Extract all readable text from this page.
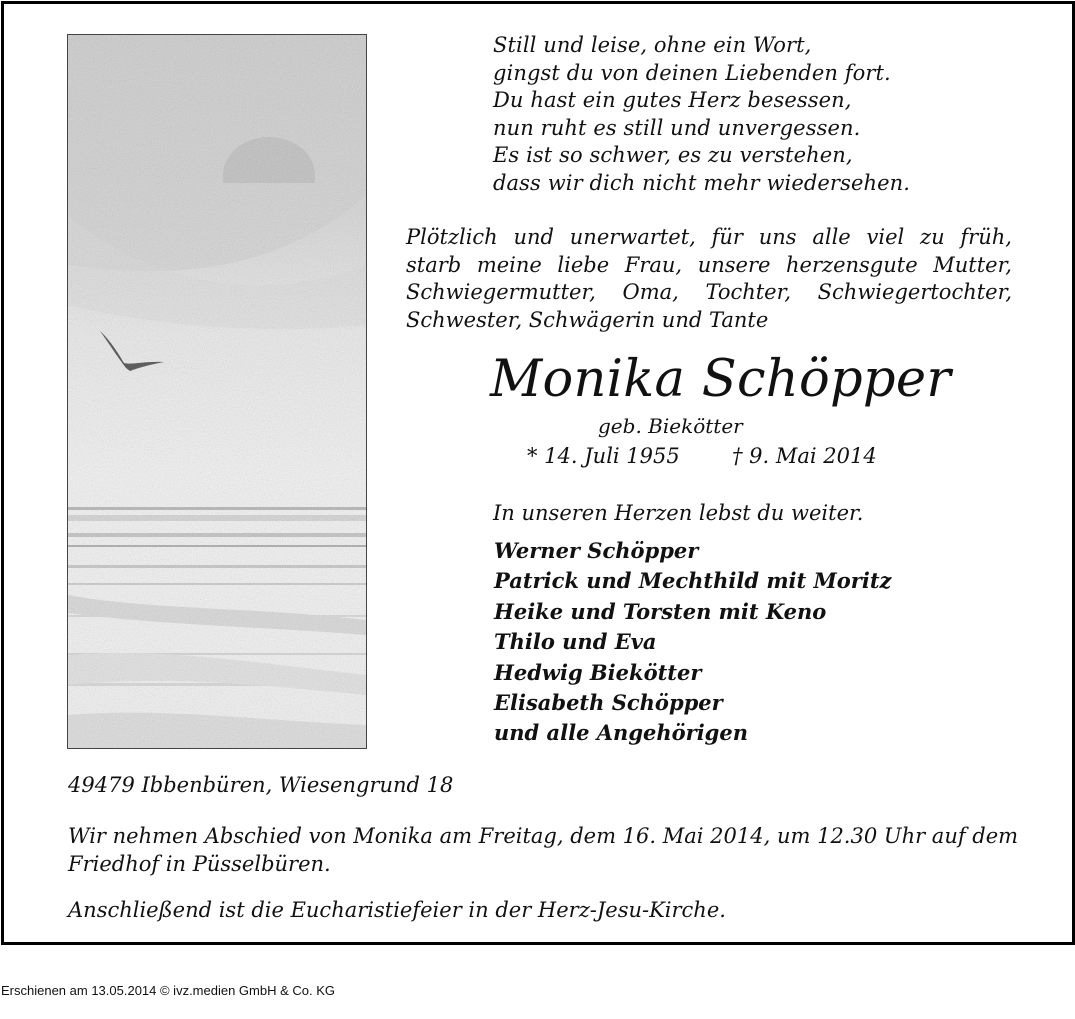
Still und leise, ohne ein Wort,
gingst du von deinen Liebenden fort.
Du hast ein gutes Herz besessen,
nun ruht es still und unvergessen.
Es ist so schwer, es zu verstehen,
dass wir dich nicht mehr wiedersehen.
Plötzlich und unerwartet, für uns alle viel zu früh,
starb meine liebe Frau, unsere herzensgute Mutter,
Schwiegermutter, Oma, Tochter, Schwiegertochter,
Schwester, Schwägerin und Tante
Monika Schöpper
geb. Biekötter
* 14. Juli 1955 † 9. Mai 2014
In unseren Herzen lebst du weiter.
Werner Schöpper
Patrick und Mechthild mit Moritz
Heike und Torsten mit Keno
Thilo und Eva
Hedwig Biekötter
Elisabeth Schöpper
und alle Angehörigen
49479 Ibbenbüren, Wiesengrund 18
Wir nehmen Abschied von Monika am Freitag, dem 16. Mai 2014, um 12.30 Uhr auf dem Friedhof in Püsselbüren.
Anschließend ist die Eucharistiefeier in der Herz-Jesu-Kirche.
Erschienen am 13.05.2014 © ivz.medien GmbH & Co. KG
